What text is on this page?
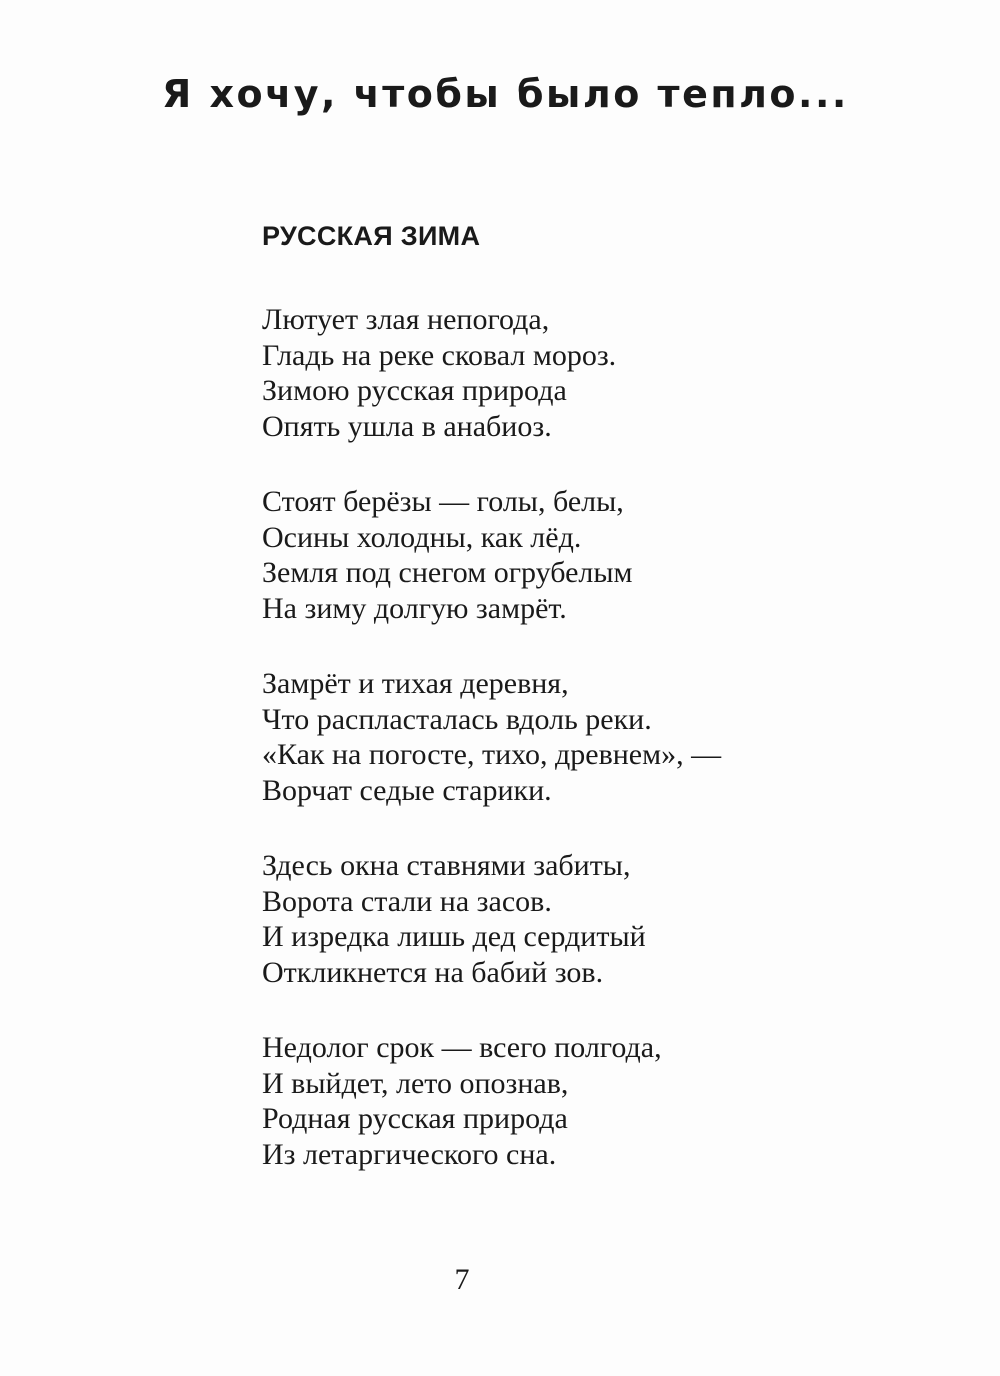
Я хочу, чтобы было тепло...
РУССКАЯ ЗИМА
Лютует злая непогода,
Гладь на реке сковал мороз.
Зимою русская природа
Опять ушла в анабиоз.
Стоят берёзы — голы, белы,
Осины холодны, как лёд.
Земля под снегом огрубелым
На зиму долгую замрёт.
Замрёт и тихая деревня,
Что распласталась вдоль реки.
«Как на погосте, тихо, древнем», —
Ворчат седые старики.
Здесь окна ставнями забиты,
Ворота стали на засов.
И изредка лишь дед сердитый
Откликнется на бабий зов.
Недолог срок — всего полгода,
И выйдет, лето опознав,
Родная русская природа
Из летаргического сна.
7
